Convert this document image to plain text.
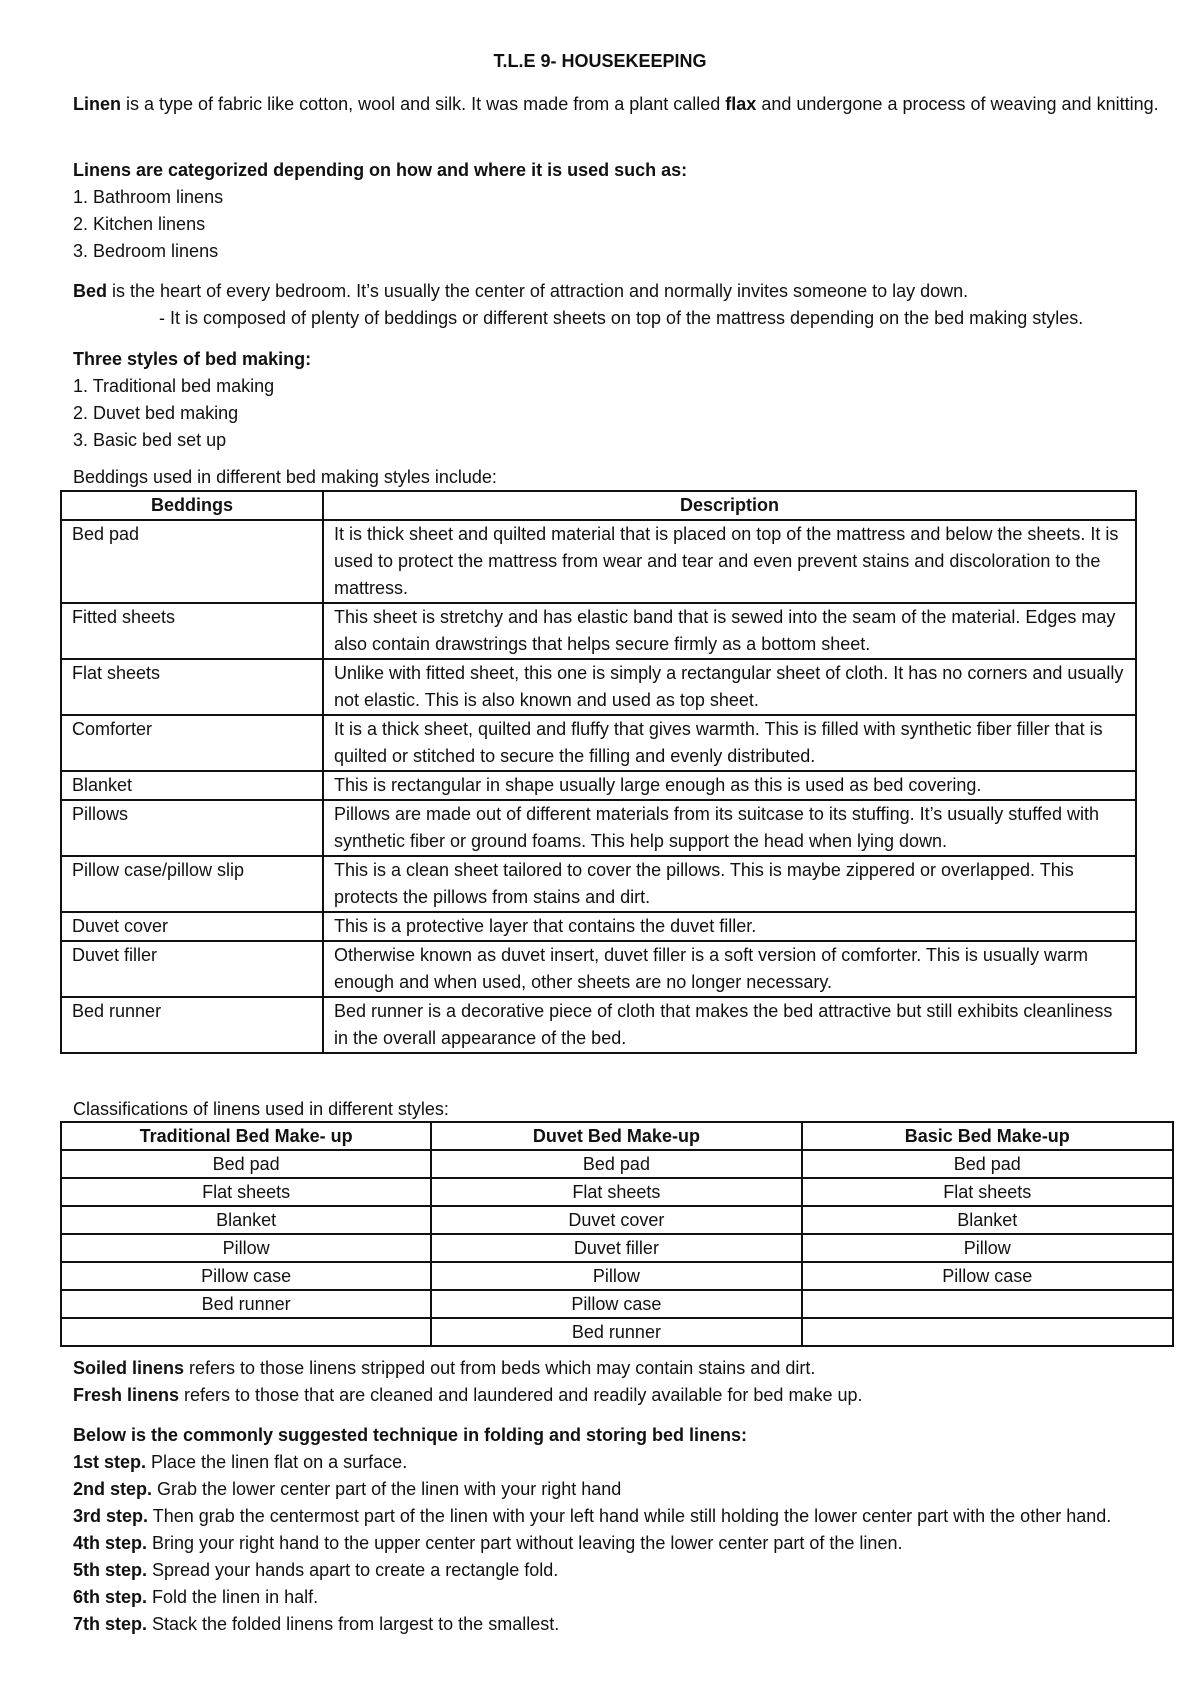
T.L.E 9- HOUSEKEEPING
Linen is a type of fabric like cotton, wool and silk. It was made from a plant called flax and undergone a process of weaving and knitting.
Linens are categorized depending on how and where it is used such as:
1. Bathroom linens
2. Kitchen linens
3. Bedroom linens
Bed is the heart of every bedroom. It’s usually the center of attraction and normally invites someone to lay down.
- It is composed of plenty of beddings or different sheets on top of the mattress depending on the bed making styles.
Three styles of bed making:
1. Traditional bed making
2. Duvet bed making
3. Basic bed set up
Beddings used in different bed making styles include:
Beddings	Description
Bed pad	It is thick sheet and quilted material that is placed on top of the mattress and below the sheets. It is used to protect the mattress from wear and tear and even prevent stains and discoloration to the mattress.
Fitted sheets	This sheet is stretchy and has elastic band that is sewed into the seam of the material. Edges may also contain drawstrings that helps secure firmly as a bottom sheet.
Flat sheets	Unlike with fitted sheet, this one is simply a rectangular sheet of cloth. It has no corners and usually not elastic. This is also known and used as top sheet.
Comforter	It is a thick sheet, quilted and fluffy that gives warmth. This is filled with synthetic fiber filler that is quilted or stitched to secure the filling and evenly distributed.
Blanket	This is rectangular in shape usually large enough as this is used as bed covering.
Pillows	Pillows are made out of different materials from its suitcase to its stuffing. It’s usually stuffed with synthetic fiber or ground foams. This help support the head when lying down.
Pillow case/pillow slip	This is a clean sheet tailored to cover the pillows. This is maybe zippered or overlapped. This protects the pillows from stains and dirt.
Duvet cover	This is a protective layer that contains the duvet filler.
Duvet filler	Otherwise known as duvet insert, duvet filler is a soft version of comforter. This is usually warm enough and when used, other sheets are no longer necessary.
Bed runner	Bed runner is a decorative piece of cloth that makes the bed attractive but still exhibits cleanliness in the overall appearance of the bed.
Classifications of linens used in different styles:
Traditional Bed Make- up	Duvet Bed Make-up	Basic Bed Make-up
Bed pad	Bed pad	Bed pad
Flat sheets	Flat sheets	Flat sheets
Blanket	Duvet cover	Blanket
Pillow	Duvet filler	Pillow
Pillow case	Pillow	Pillow case
Bed runner	Pillow case	
	Bed runner	
Soiled linens refers to those linens stripped out from beds which may contain stains and dirt.
Fresh linens refers to those that are cleaned and laundered and readily available for bed make up.
Below is the commonly suggested technique in folding and storing bed linens:
1st step. Place the linen flat on a surface.
2nd step. Grab the lower center part of the linen with your right hand
3rd step. Then grab the centermost part of the linen with your left hand while still holding the lower center part with the other hand.
4th step. Bring your right hand to the upper center part without leaving the lower center part of the linen.
5th step. Spread your hands apart to create a rectangle fold.
6th step. Fold the linen in half.
7th step. Stack the folded linens from largest to the smallest.
